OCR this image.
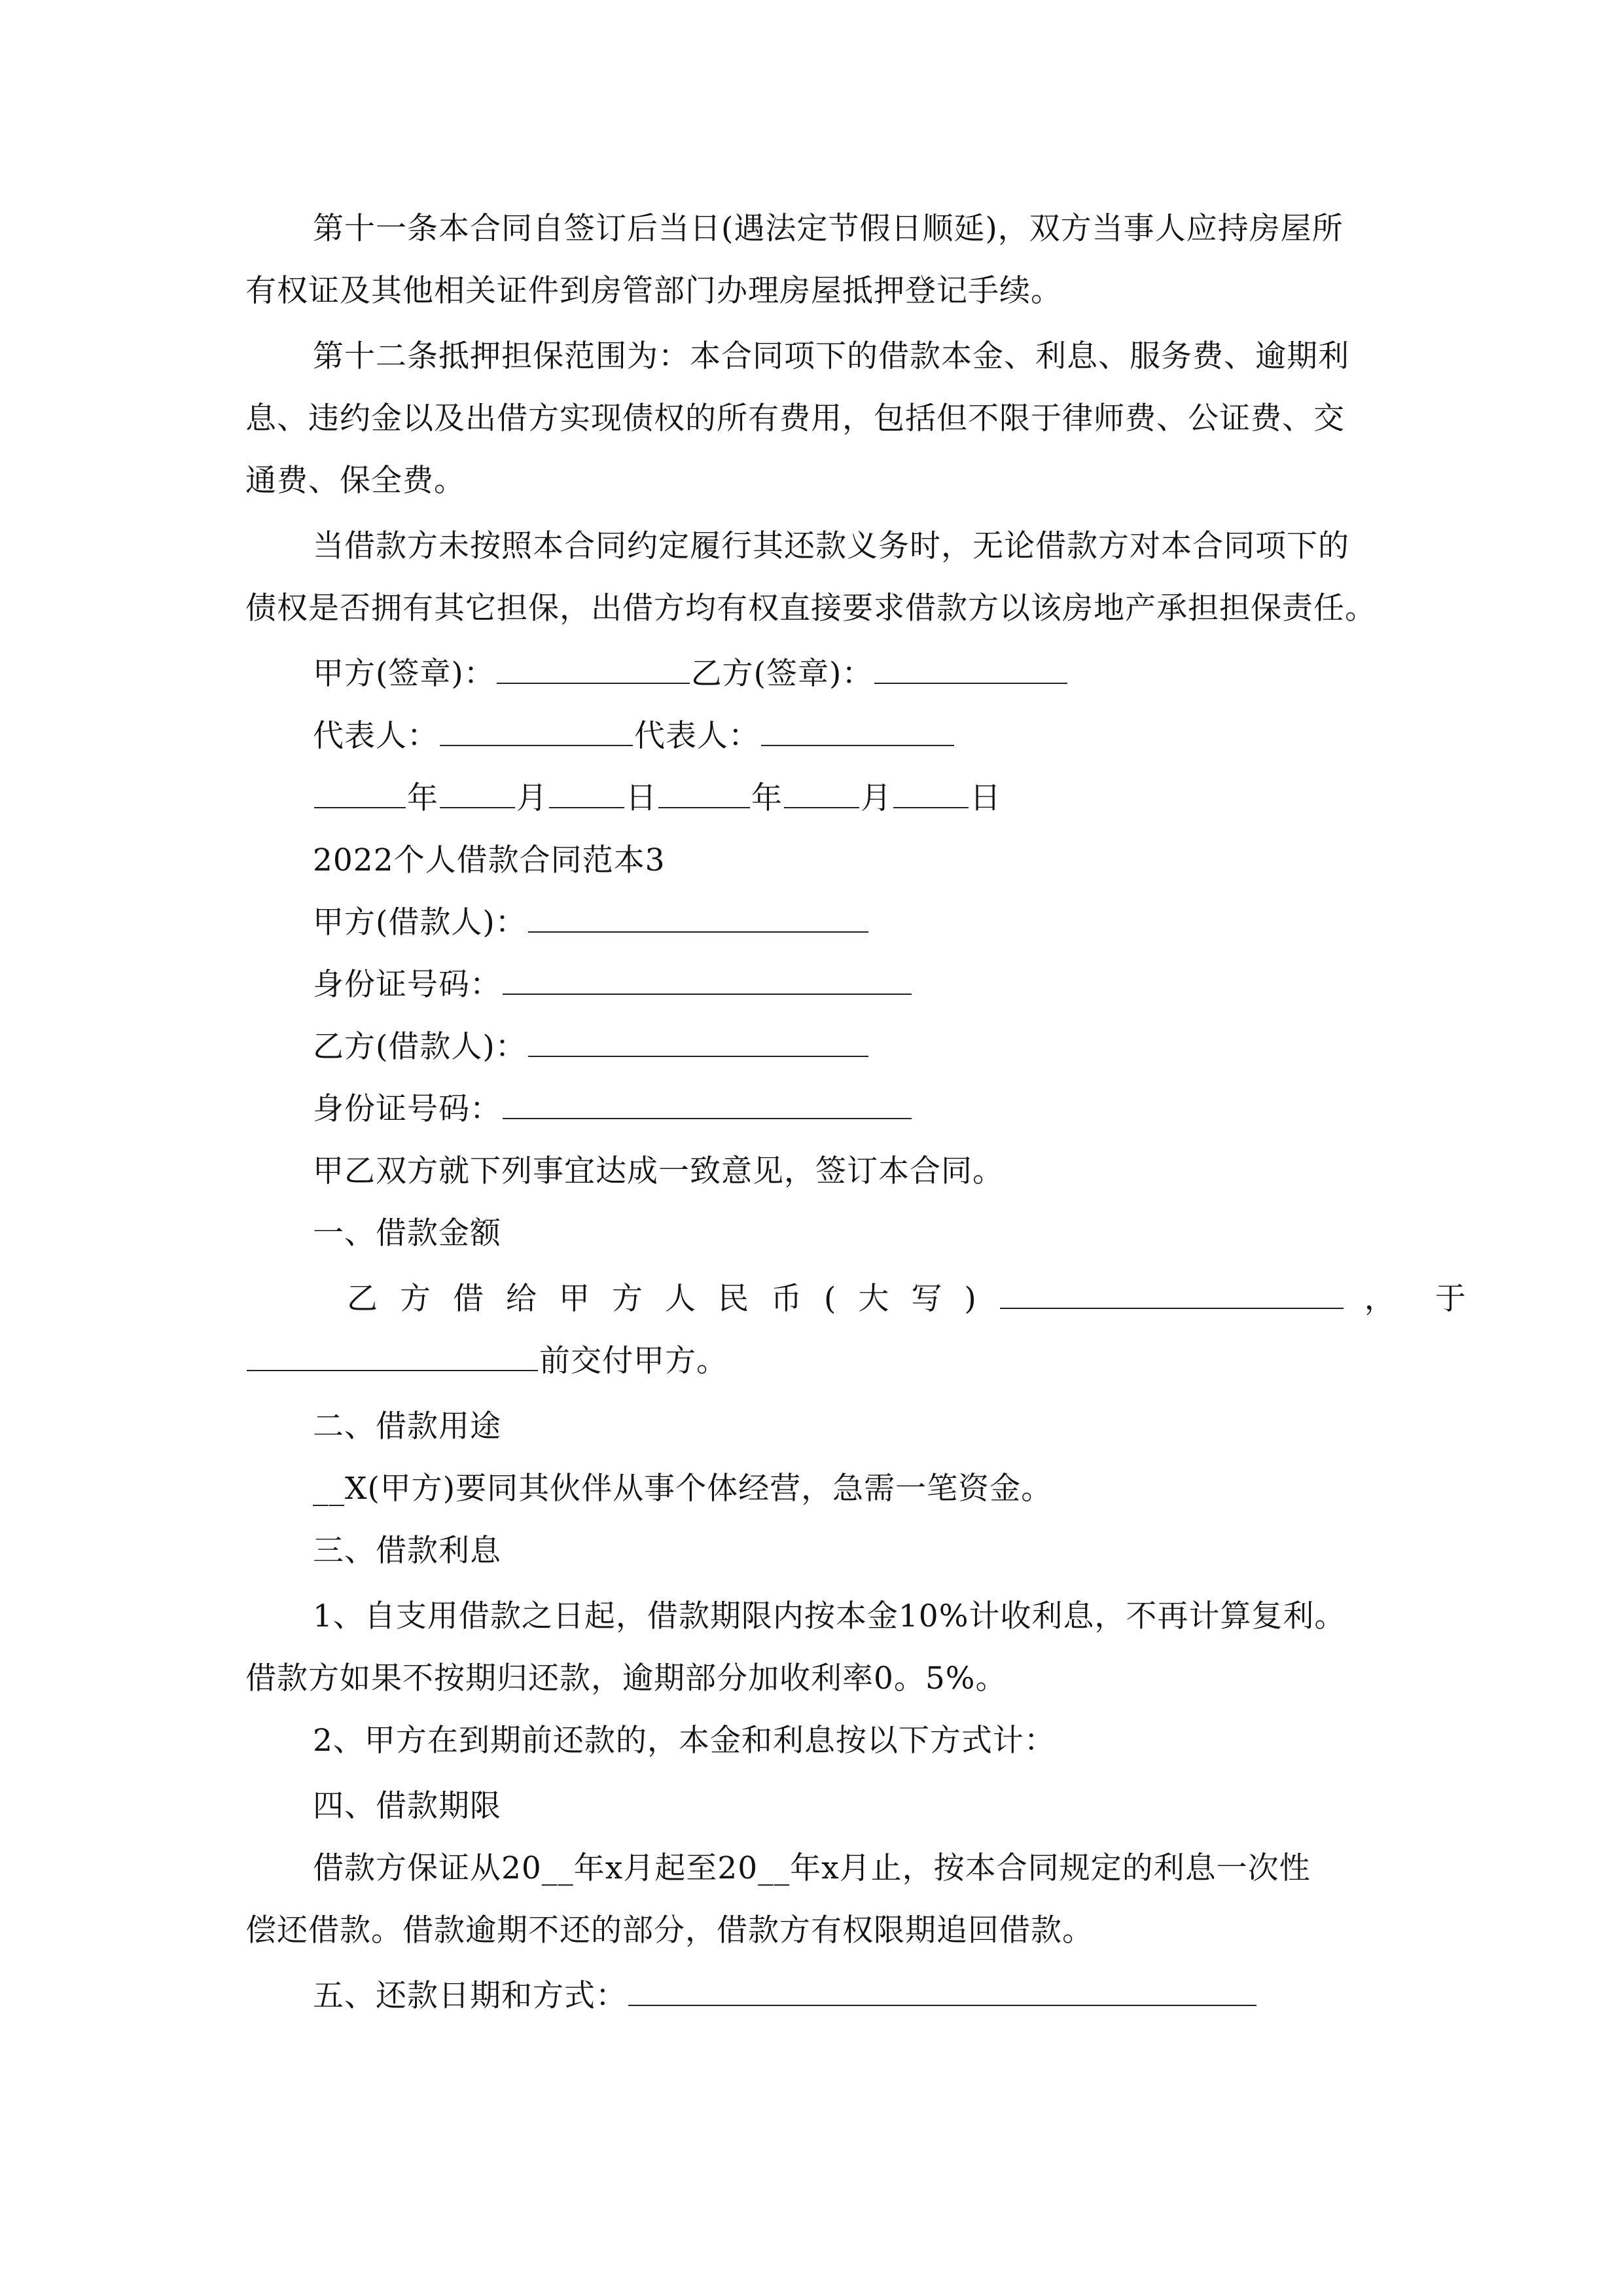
第十一条本合同自签订后当日(遇法定节假日顺延)，双方当事人应持房屋所
有权证及其他相关证件到房管部门办理房屋抵押登记手续。
第十二条抵押担保范围为：本合同项下的借款本金、利息、服务费、逾期利
息、违约金以及出借方实现债权的所有费用，包括但不限于律师费、公证费、交
通费、保全费。
当借款方未按照本合同约定履行其还款义务时，无论借款方对本合同项下的
债权是否拥有其它担保，出借方均有权直接要求借款方以该房地产承担担保责任。
甲方(签章)：	乙方(签章)：
代表人：	代表人：
年	月	日	年	月	日
2022个人借款合同范本3
甲方(借款人)：
身份证号码：
乙方(借款人)：
身份证号码：
甲乙双方就下列事宜达成一致意见，签订本合同。
一、借款金额
乙方借给甲方人民币(大写)	， 于
前交付甲方。
二、借款用途
__X(甲方)要同其伙伴从事个体经营，急需一笔资金。
三、借款利息
1、自支用借款之日起，借款期限内按本金10%计收利息，不再计算复利。
借款方如果不按期归还款，逾期部分加收利率0。5%。
2、甲方在到期前还款的，本金和利息按以下方式计：
四、借款期限
借款方保证从20__年x月起至20__年x月止，按本合同规定的利息一次性
偿还借款。借款逾期不还的部分，借款方有权限期追回借款。
五、还款日期和方式：
